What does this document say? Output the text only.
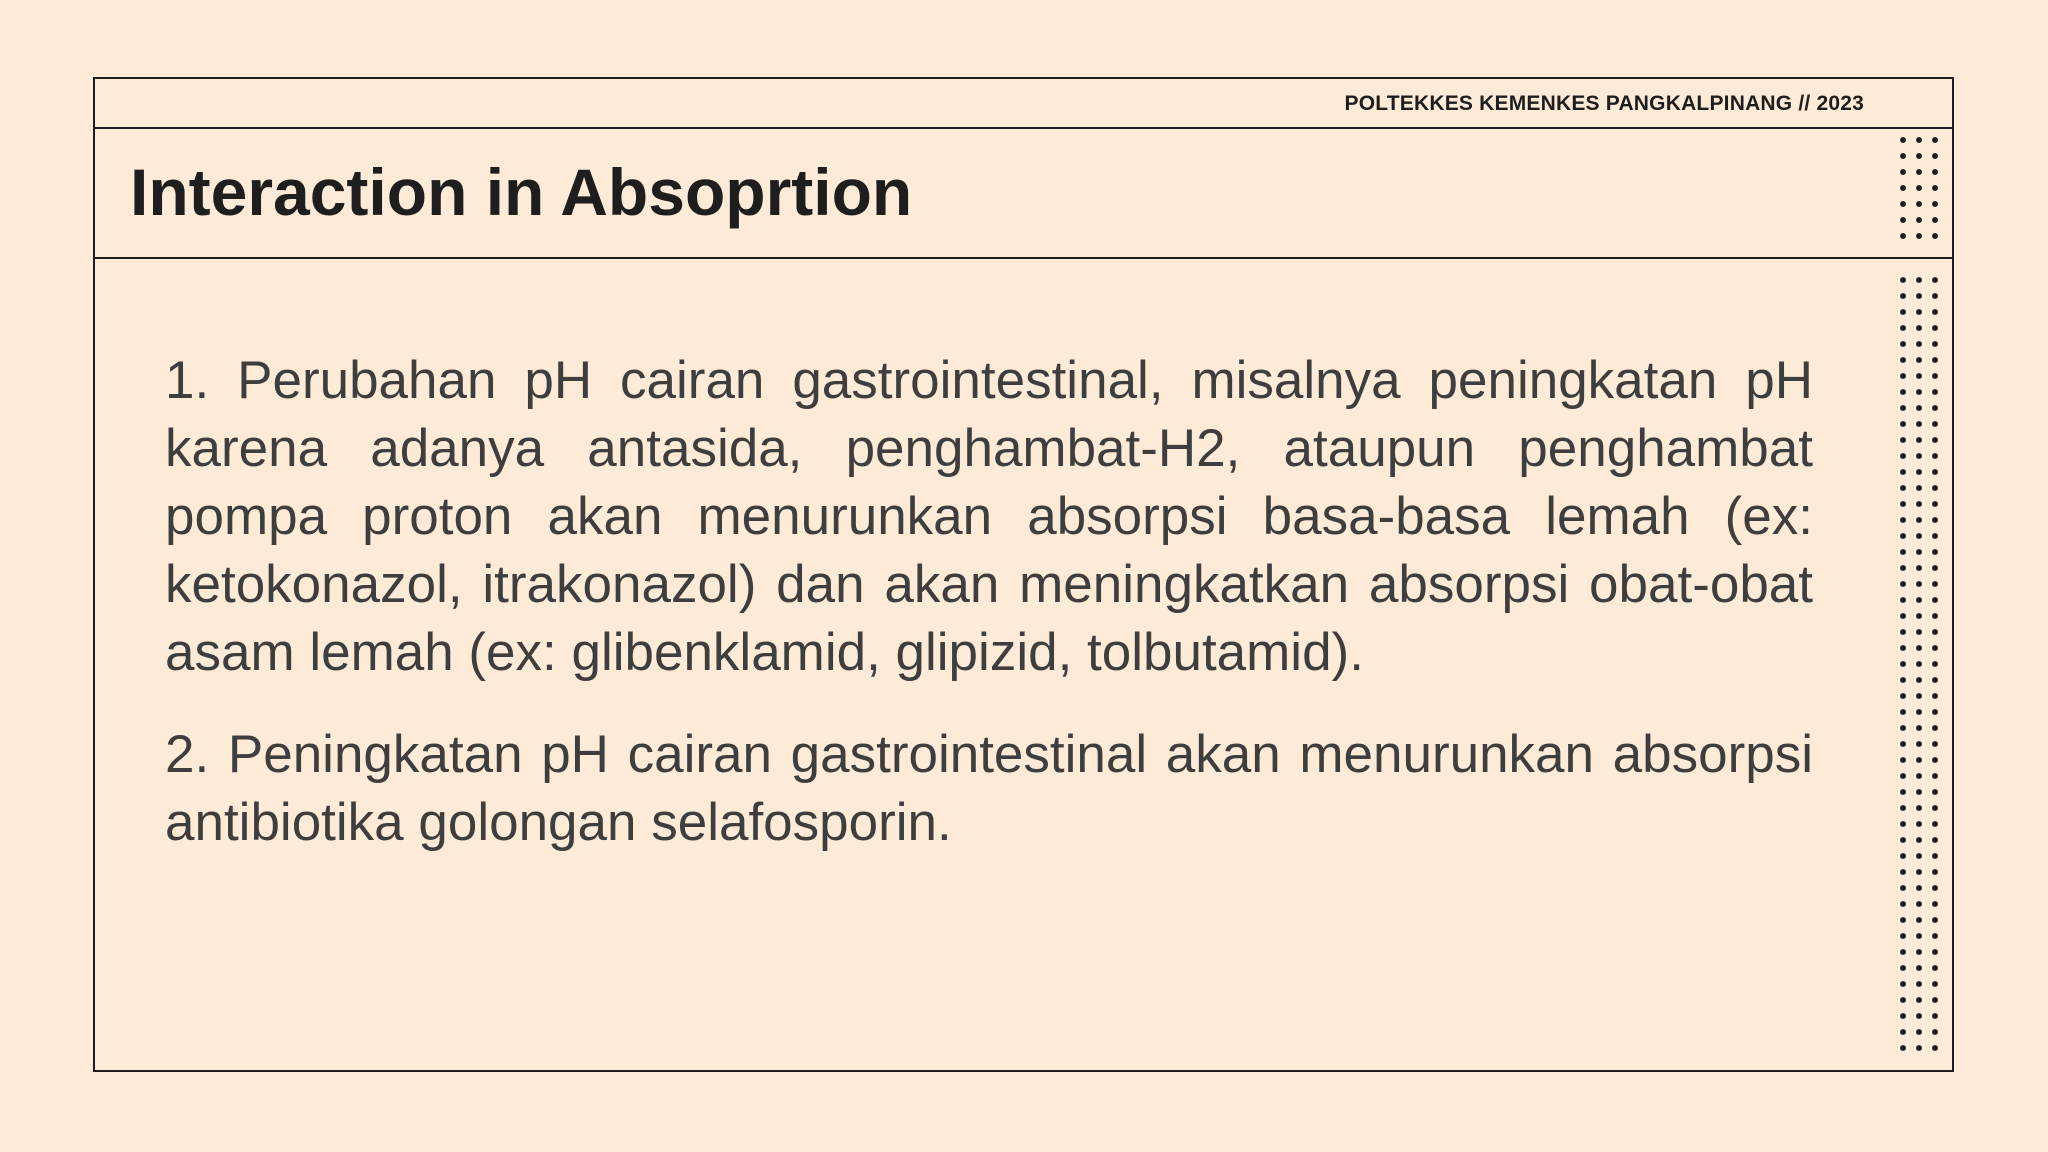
POLTEKKES KEMENKES PANGKALPINANG // 2023
Interaction in Absoprtion

1. Perubahan pH cairan gastrointestinal, misalnya peningkatan pH karena adanya antasida, penghambat-H2, ataupun penghambat pompa proton akan menurunkan absorpsi basa-basa lemah (ex: ketokonazol, itrakonazol) dan akan meningkatkan absorpsi obat-obat asam lemah (ex: glibenklamid, glipizid, tolbutamid).

2. Peningkatan pH cairan gastrointestinal akan menurunkan absorpsi antibiotika golongan selafosporin.
